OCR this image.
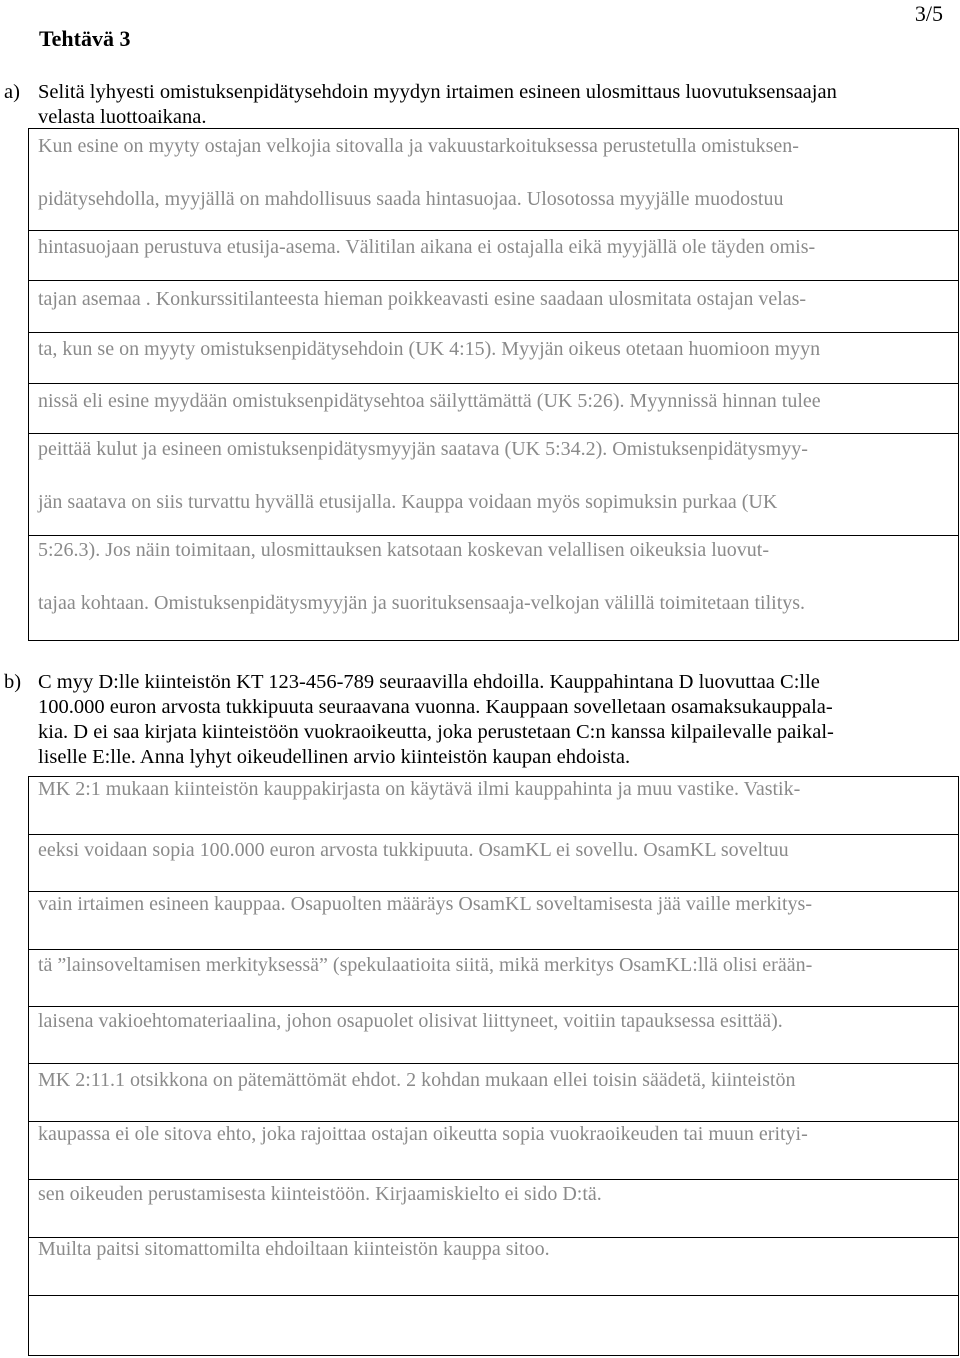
Tehtävä 3
3/5
a) Selitä lyhyesti omistuksenpidätysehdoin myydyn irtaimen esineen ulosmittaus luovutuksensaajan
velasta luottoaikana.
Kun esine on myyty ostajan velkojia sitovalla ja vakuustarkoituksessa perustetulla omistuksen-
pidätysehdolla, myyjällä on mahdollisuus saada hintasuojaa. Ulosotossa myyjälle muodostuu
hintasuojaan perustuva etusija-asema. Välitilan aikana ei ostajalla eikä myyjällä ole täyden omis-
tajan asemaa . Konkurssitilanteesta hieman poikkeavasti esine saadaan ulosmitata ostajan velas-
ta, kun se on myyty omistuksenpidätysehdoin (UK 4:15). Myyjän oikeus otetaan huomioon myyn
nissä eli esine myydään omistuksenpidätysehtoa säilyttämättä (UK 5:26). Myynnissä hinnan tulee
peittää kulut ja esineen omistuksenpidätysmyyjän saatava (UK 5:34.2). Omistuksenpidätysmyy-
jän saatava on siis turvattu hyvällä etusijalla. Kauppa voidaan myös sopimuksin purkaa (UK
5:26.3). Jos näin toimitaan, ulosmittauksen katsotaan koskevan velallisen oikeuksia luovut-
tajaa kohtaan. Omistuksenpidätysmyyjän ja suorituksensaaja-velkojan välillä toimitetaan tilitys.
b) C myy D:lle kiinteistön KT 123-456-789 seuraavilla ehdoilla. Kauppahintana D luovuttaa C:lle
100.000 euron arvosta tukkipuuta seuraavana vuonna. Kauppaan sovelletaan osamaksukauppala-
kia. D ei saa kirjata kiinteistöön vuokraoikeutta, joka perustetaan C:n kanssa kilpailevalle paikal-
liselle E:lle. Anna lyhyt oikeudellinen arvio kiinteistön kaupan ehdoista.
MK 2:1 mukaan kiinteistön kauppakirjasta on käytävä ilmi kauppahinta ja muu vastike. Vastik-
eeksi voidaan sopia 100.000 euron arvosta tukkipuuta. OsamKL ei sovellu. OsamKL soveltuu
vain irtaimen esineen kauppaa. Osapuolten määräys OsamKL soveltamisesta jää vaille merkitys-
tä ”lainsoveltamisen merkityksessä” (spekulaatioita siitä, mikä merkitys OsamKL:llä olisi erään-
laisena vakioehtomateriaalina, johon osapuolet olisivat liittyneet, voitiin tapauksessa esittää).
MK 2:11.1 otsikkona on pätemättömät ehdot. 2 kohdan mukaan ellei toisin säädetä, kiinteistön
kaupassa ei ole sitova ehto, joka rajoittaa ostajan oikeutta sopia vuokraoikeuden tai muun erityi-
sen oikeuden perustamisesta kiinteistöön. Kirjaamiskielto ei sido D:tä.
Muilta paitsi sitomattomilta ehdoiltaan kiinteistön kauppa sitoo.
